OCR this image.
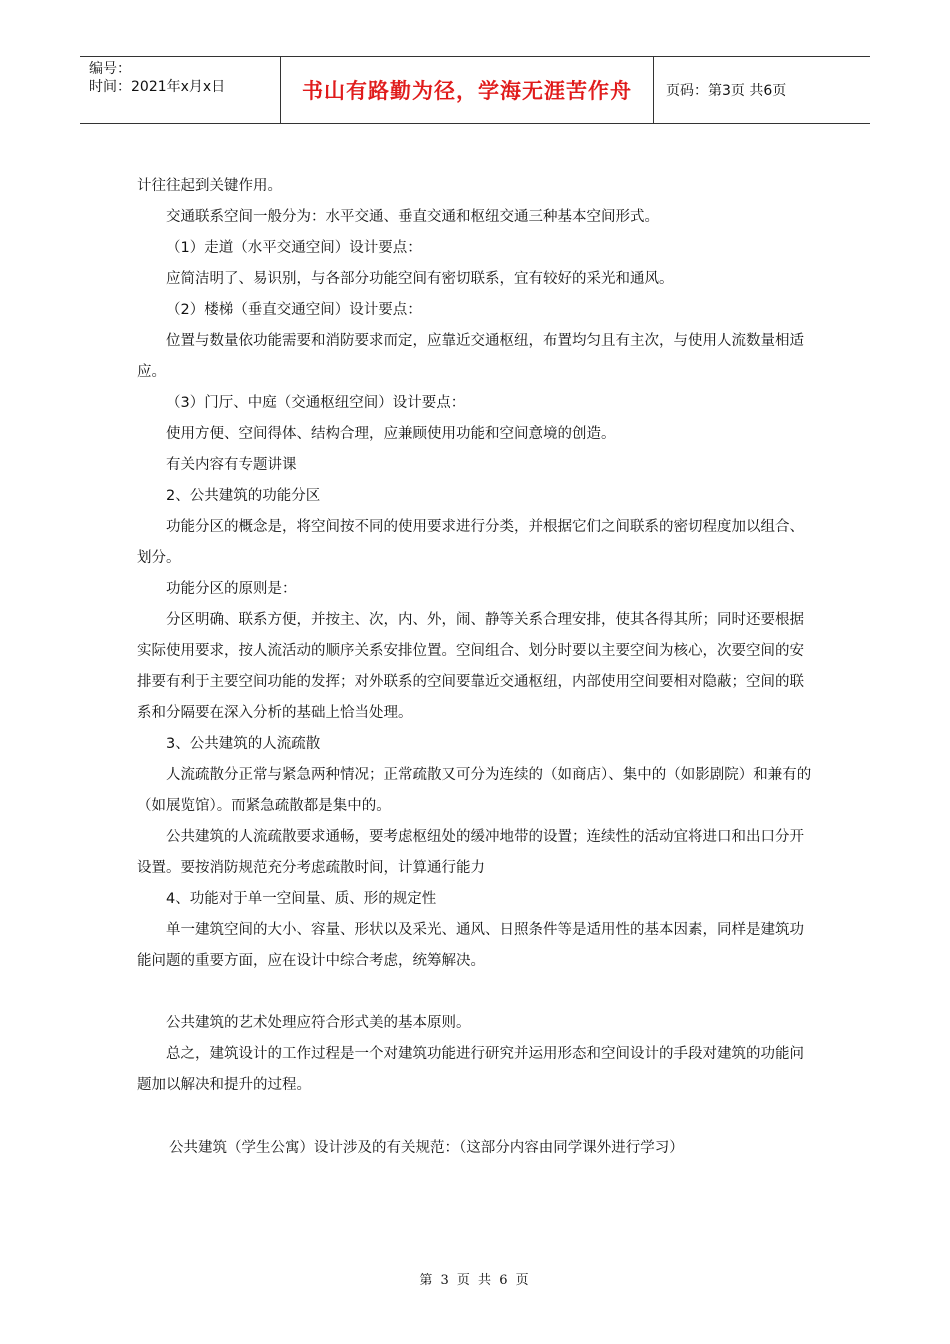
编号：
时间：2021年x月x日	书山有路勤为径，学海无涯苦作舟	页码：第3页 共6页

计往往起到关键作用。

交通联系空间一般分为：水平交通、垂直交通和枢纽交通三种基本空间形式。

（1）走道（水平交通空间）设计要点：

应简洁明了、易识别，与各部分功能空间有密切联系，宜有较好的采光和通风。

（2）楼梯（垂直交通空间）设计要点：

位置与数量依功能需要和消防要求而定，应靠近交通枢纽，布置均匀且有主次，与使用人流数量相适应。

（3）门厅、中庭（交通枢纽空间）设计要点：

使用方便、空间得体、结构合理，应兼顾使用功能和空间意境的创造。

有关内容有专题讲课

2、公共建筑的功能分区

功能分区的概念是，将空间按不同的使用要求进行分类，并根据它们之间联系的密切程度加以组合、划分。

功能分区的原则是：

分区明确、联系方便，并按主、次，内、外，闹、静等关系合理安排，使其各得其所；同时还要根据实际使用要求，按人流活动的顺序关系安排位置。空间组合、划分时要以主要空间为核心，次要空间的安排要有利于主要空间功能的发挥；对外联系的空间要靠近交通枢纽，内部使用空间要相对隐蔽；空间的联系和分隔要在深入分析的基础上恰当处理。

3、公共建筑的人流疏散

人流疏散分正常与紧急两种情况；正常疏散又可分为连续的（如商店）、集中的（如影剧院）和兼有的（如展览馆）。而紧急疏散都是集中的。

公共建筑的人流疏散要求通畅，要考虑枢纽处的缓冲地带的设置；连续性的活动宜将进口和出口分开设置。要按消防规范充分考虑疏散时间，计算通行能力

4、功能对于单一空间量、质、形的规定性

单一建筑空间的大小、容量、形状以及采光、通风、日照条件等是适用性的基本因素，同样是建筑功能问题的重要方面，应在设计中综合考虑，统筹解决。

公共建筑的艺术处理应符合形式美的基本原则。

总之，建筑设计的工作过程是一个对建筑功能进行研究并运用形态和空间设计的手段对建筑的功能问题加以解决和提升的过程。

公共建筑（学生公寓）设计涉及的有关规范：（这部分内容由同学课外进行学习）

第 3 页 共 6 页
